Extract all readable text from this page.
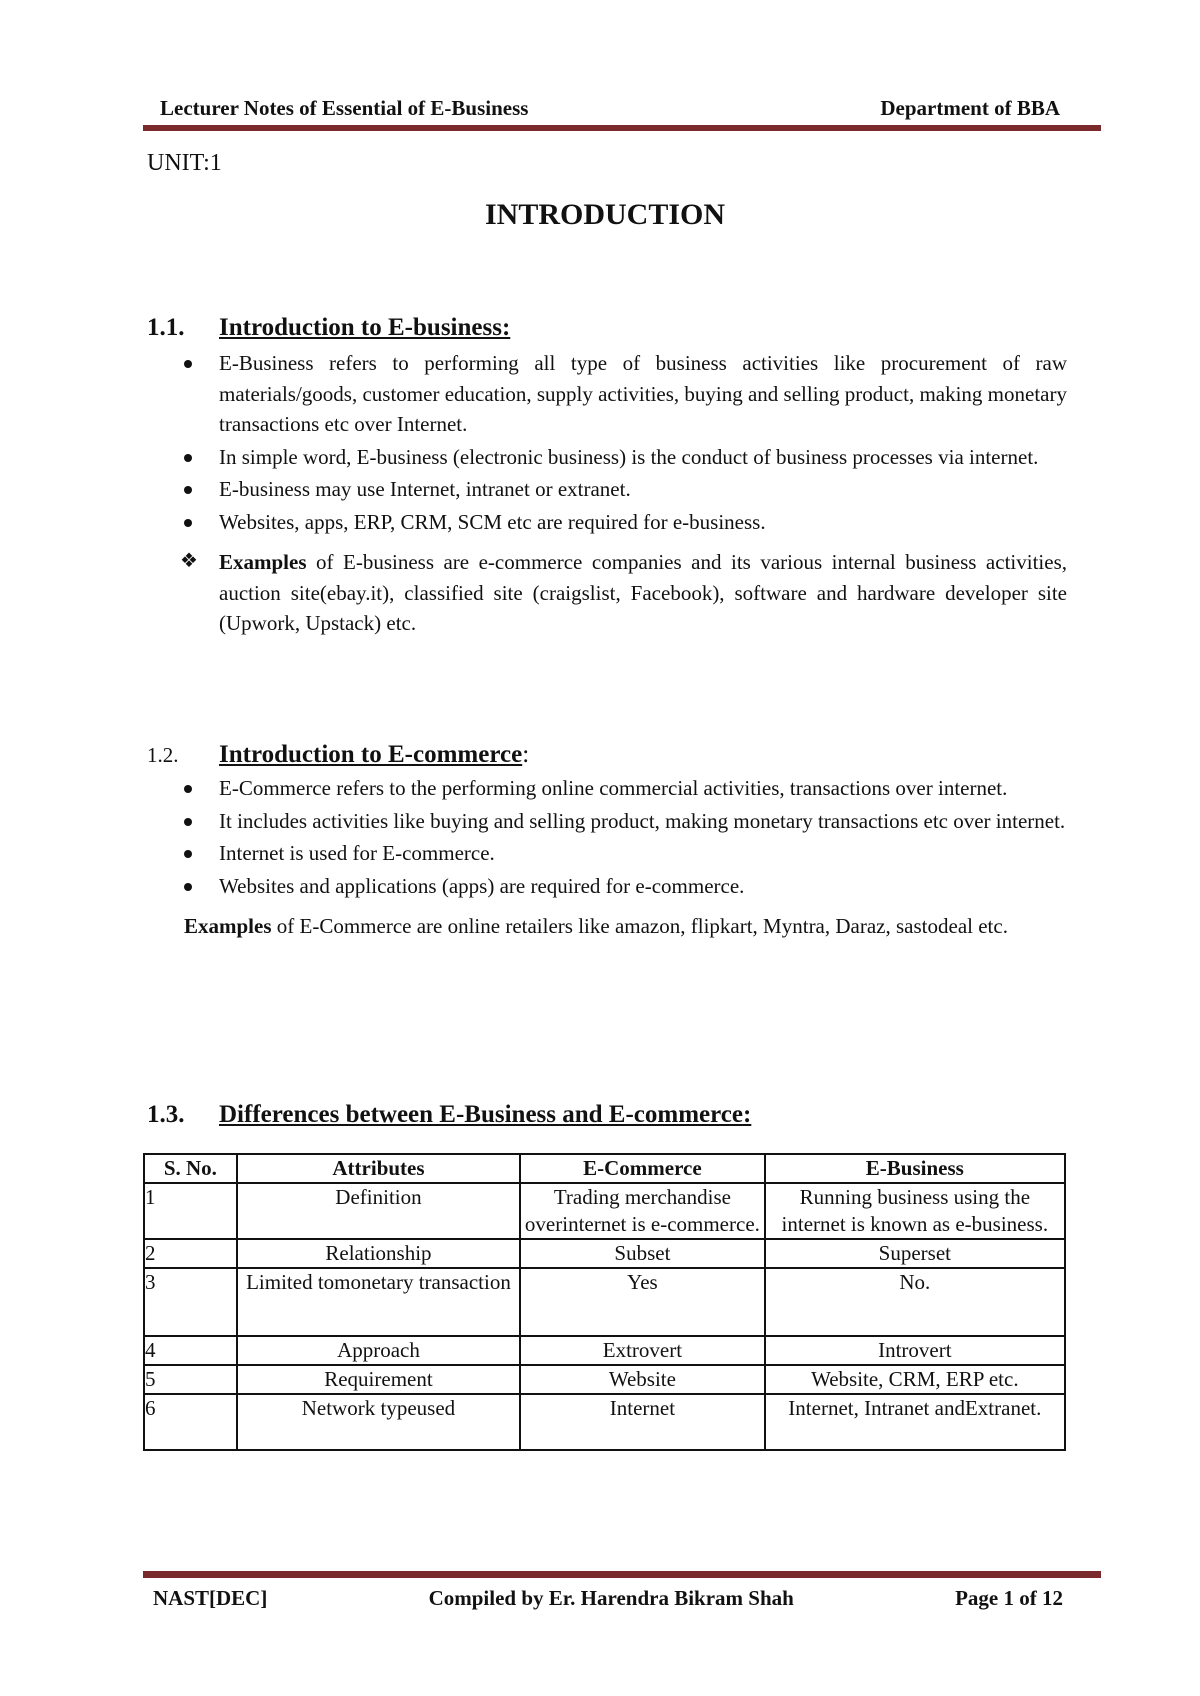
Lecturer Notes of Essential of E-Business	Department of BBA
UNIT:1
INTRODUCTION
1.1.	Introduction to E-business:
E-Business refers to performing all type of business activities like procurement of raw materials/goods, customer education, supply activities, buying and selling product, making monetary transactions etc over Internet.
In simple word, E-business (electronic business) is the conduct of business processes via internet.
E-business may use Internet, intranet or extranet.
Websites, apps, ERP, CRM, SCM etc are required for e-business.
❖ Examples of E-business are e-commerce companies and its various internal business activities, auction site(ebay.it), classified site (craigslist, Facebook), software and hardware developer site (Upwork, Upstack) etc.
1.2.	Introduction to E-commerce :
E-Commerce refers to the performing online commercial activities, transactions over internet.
It includes activities like buying and selling product, making monetary transactions etc over internet.
Internet is used for E-commerce.
Websites and applications (apps) are required for e-commerce.
Examples of E-Commerce are online retailers like amazon, flipkart, Myntra, Daraz, sastodeal etc.
1.3.	Differences between E-Business and E-commerce:
S. No.	Attributes	E-Commerce	E-Business
1	Definition	Trading merchandise overinternet is e-commerce.	Running business using the internet is known as e-business.
2	Relationship	Subset	Superset
3	Limited tomonetary transaction	Yes	No.
4	Approach	Extrovert	Introvert
5	Requirement	Website	Website, CRM, ERP etc.
6	Network typeused	Internet	Internet, Intranet andExtranet.
NAST[DEC]	Compiled by Er. Harendra Bikram Shah	Page 1 of 12
